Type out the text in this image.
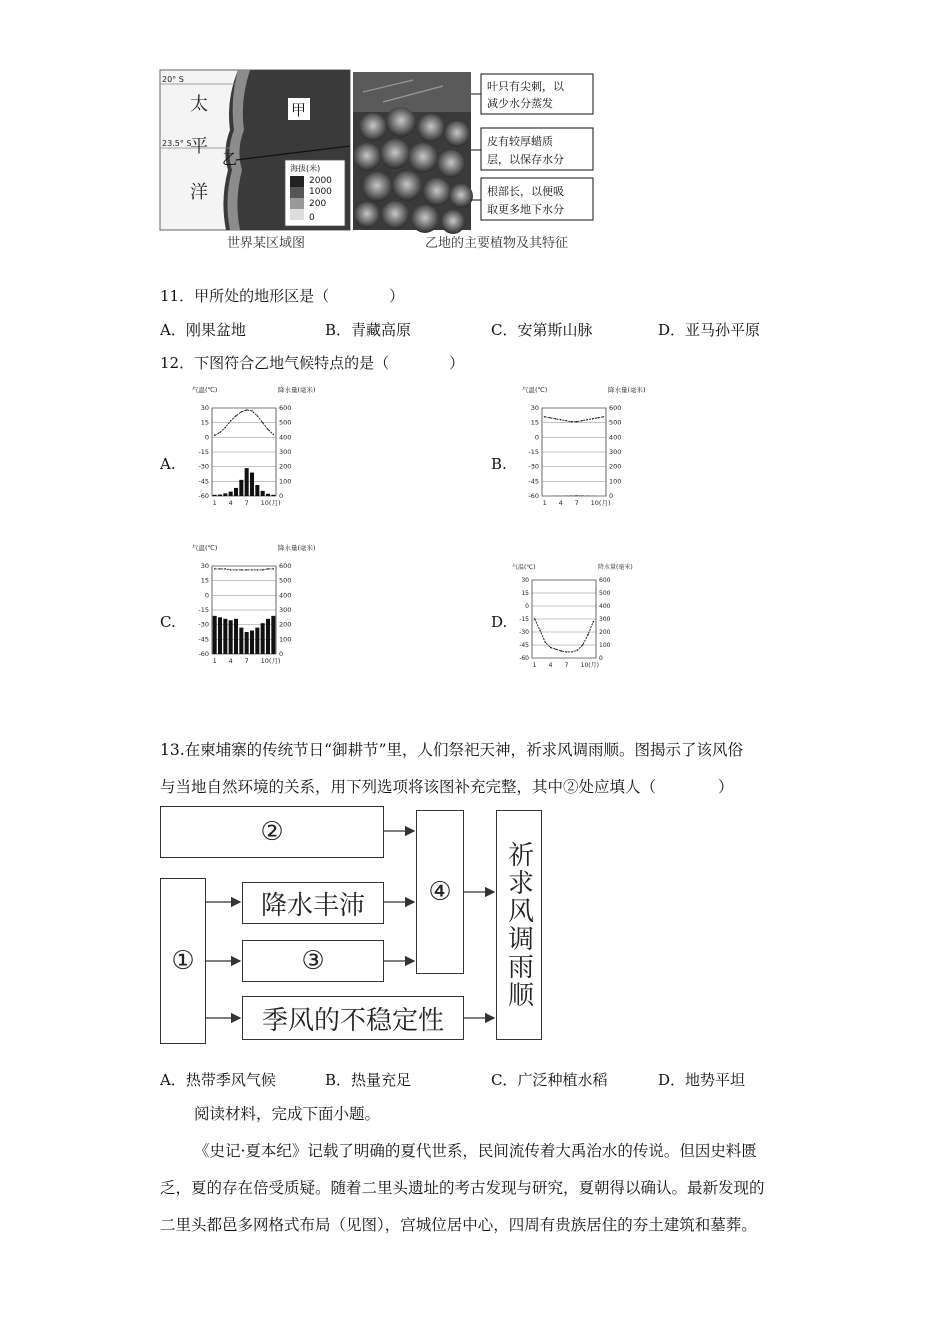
20° S
23.5° S
太
平
洋
甲
乙
海拔(米)
2000
1000
200
0
世界某区域图	乙地的主要植物及其特征
叶只有尖刺，以
减少水分蒸发
皮有较厚蜡质
层，以保存水分
根部长，以便吸
取更多地下水分
11．甲所处的地形区是（　　　　）
A．刚果盆地	B．青藏高原	C．安第斯山脉	D．亚马孙平原
12．下图符合乙地气候特点的是（　　　　）
A.	B.
C.	D.
气温(℃)	降水量(毫米)
30	600
15	500
0	400
-15	300
-30	200
-45	100
-60	0
1 4 7 10(月)
气温(℃)	降水量(毫米)
30	600
15	500
0	400
-15	300
-30	200
-45	100
-60	0
1 4 7 10(月)
气温(℃)	降水量(毫米)
30	600
15	500
0	400
-15	300
-30	200
-45	100
-60	0
1 4 7 10(月)
气温(℃)	降水量(毫米)
30	600
15	500
0	400
-15	300
-30	200
-45	100
-60	0
1 4 7 10(月)
13.在柬埔寨的传统节日“御耕节”里，人们祭祀天神，祈求风调雨顺。图揭示了该风俗
与当地自然环境的关系，用下列选项将该图补充完整，其中②处应填人（　　　　）
②
①
降水丰沛
③
季风的不稳定性
④	祈求风调雨顺
A．热带季风气候	B．热量充足	C．广泛种植水稻	D．地势平坦
阅读材料，完成下面小题。
《史记·夏本纪》记载了明确的夏代世系，民间流传着大禹治水的传说。但因史料匮
乏，夏的存在倍受质疑。随着二里头遗址的考古发现与研究，夏朝得以确认。最新发现的
二里头都邑多网格式布局（见图），宫城位居中心，四周有贵族居住的夯土建筑和墓葬。
